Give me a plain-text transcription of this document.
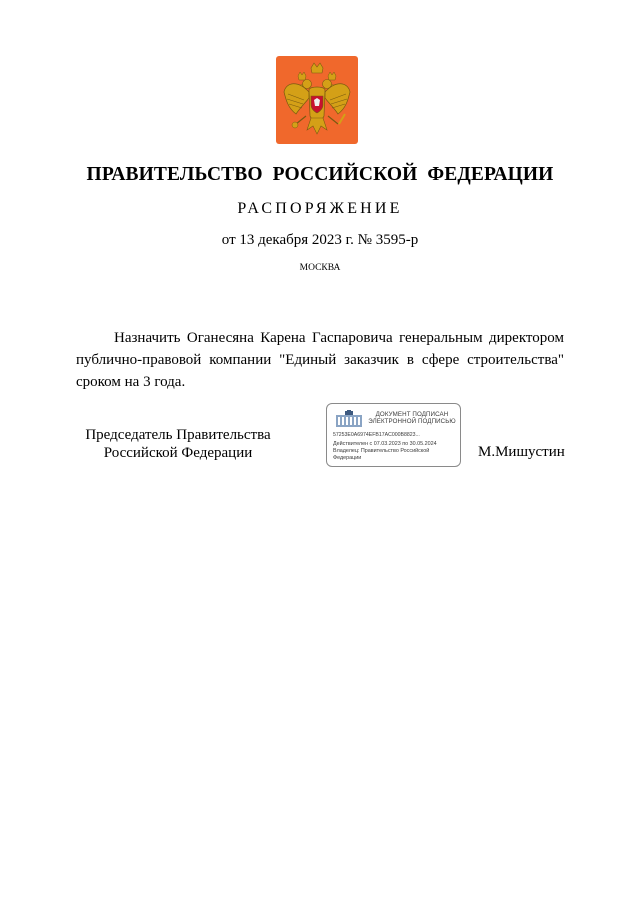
ПРАВИТЕЛЬСТВО РОССИЙСКОЙ ФЕДЕРАЦИИ
РАСПОРЯЖЕНИЕ
от 13 декабря 2023 г. № 3595-р
МОСКВА

Назначить Оганесяна Карена Гаспаровича генеральным директором публично-правовой компании "Единый заказчик в сфере строительства" сроком на 3 года.

Председатель Правительства
Российской Федерации
ДОКУМЕНТ ПОДПИСАН
ЭЛЕКТРОННОЙ ПОДПИСЬЮ
57253E0A6974EFB17AC000B8823...
Действителен с 07.03.2023 по 30.05.2024
Владелец: Правительство Российской Федерации	М.Мишустин
